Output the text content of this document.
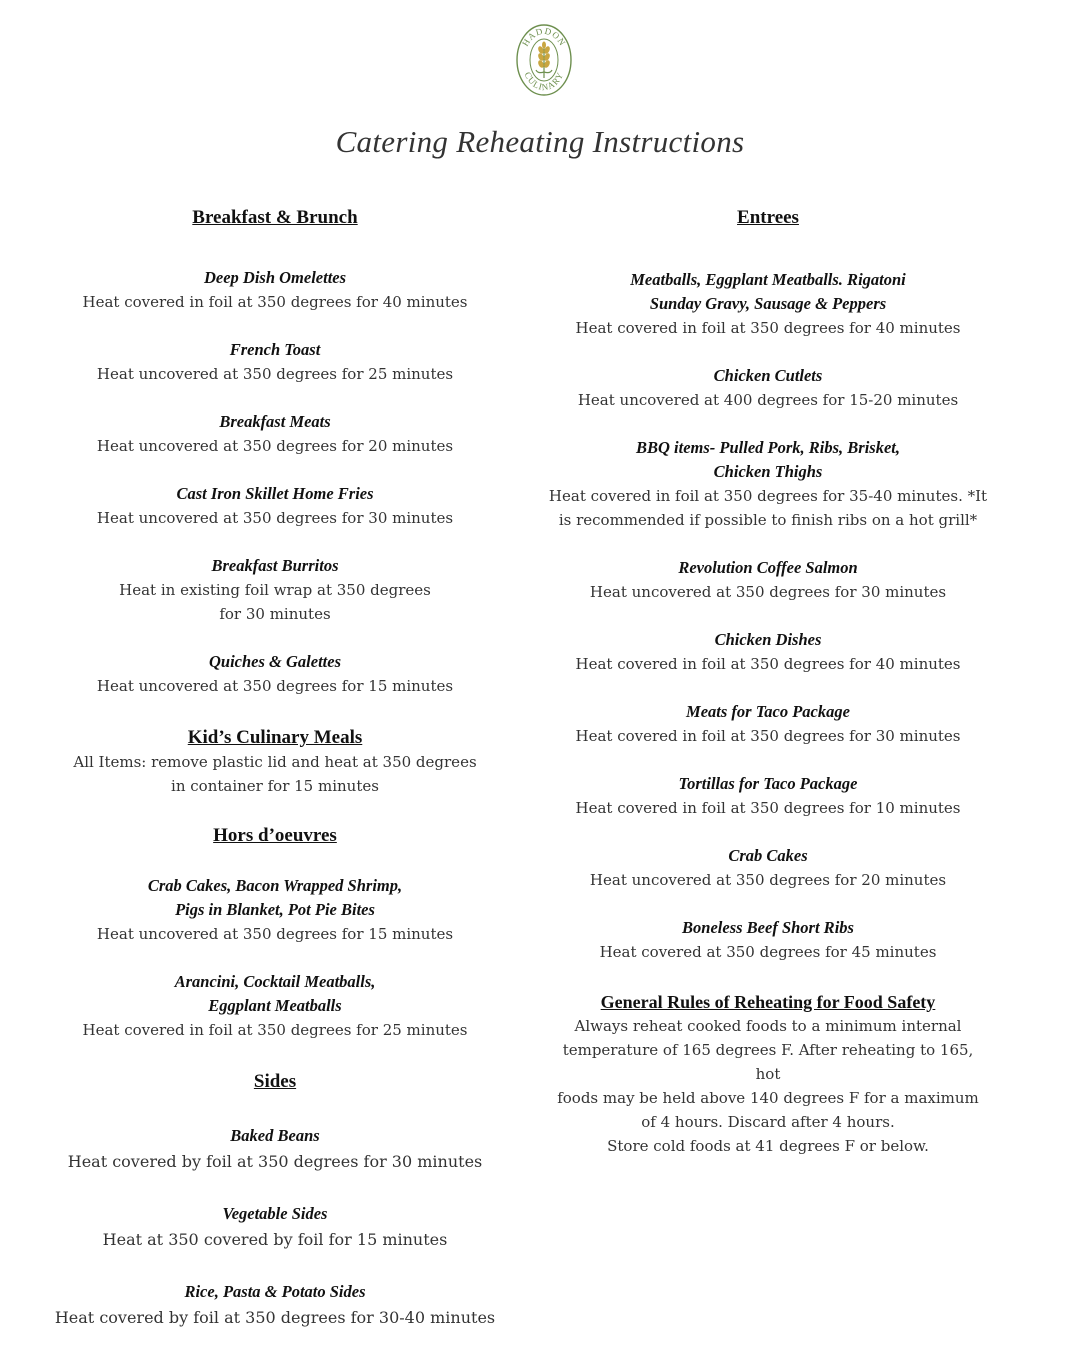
HADDON
CULINARY
Catering Reheating Instructions
Breakfast & Brunch
Deep Dish Omelettes
Heat covered in foil at 350 degrees for 40 minutes
French Toast
Heat uncovered at 350 degrees for 25 minutes
Breakfast Meats
Heat uncovered at 350 degrees for 20 minutes
Cast Iron Skillet Home Fries
Heat uncovered at 350 degrees for 30 minutes
Breakfast Burritos
Heat in existing foil wrap at 350 degrees
for 30 minutes
Quiches & Galettes
Heat uncovered at 350 degrees for 15 minutes
Kid’s Culinary Meals
All Items: remove plastic lid and heat at 350 degrees
in container for 15 minutes
Hors d’oeuvres
Crab Cakes, Bacon Wrapped Shrimp,
Pigs in Blanket, Pot Pie Bites
Heat uncovered at 350 degrees for 15 minutes
Arancini, Cocktail Meatballs,
Eggplant Meatballs
Heat covered in foil at 350 degrees for 25 minutes
Sides
Baked Beans
Heat covered by foil at 350 degrees for 30 minutes
Vegetable Sides
Heat at 350 covered by foil for 15 minutes
Rice, Pasta & Potato Sides
Heat covered by foil at 350 degrees for 30-40 minutes
Entrees
Meatballs, Eggplant Meatballs. Rigatoni
Sunday Gravy, Sausage & Peppers
Heat covered in foil at 350 degrees for 40 minutes
Chicken Cutlets
Heat uncovered at 400 degrees for 15-20 minutes
BBQ items- Pulled Pork, Ribs, Brisket,
Chicken Thighs
Heat covered in foil at 350 degrees for 35-40 minutes. *It
is recommended if possible to finish ribs on a hot grill*
Revolution Coffee Salmon
Heat uncovered at 350 degrees for 30 minutes
Chicken Dishes
Heat covered in foil at 350 degrees for 40 minutes
Meats for Taco Package
Heat covered in foil at 350 degrees for 30 minutes
Tortillas for Taco Package
Heat covered in foil at 350 degrees for 10 minutes
Crab Cakes
Heat uncovered at 350 degrees for 20 minutes
Boneless Beef Short Ribs
Heat covered at 350 degrees for 45 minutes
General Rules of Reheating for Food Safety
Always reheat cooked foods to a minimum internal
temperature of 165 degrees F. After reheating to 165, hot
foods may be held above 140 degrees F for a maximum
of 4 hours. Discard after 4 hours.
Store cold foods at 41 degrees F or below.
